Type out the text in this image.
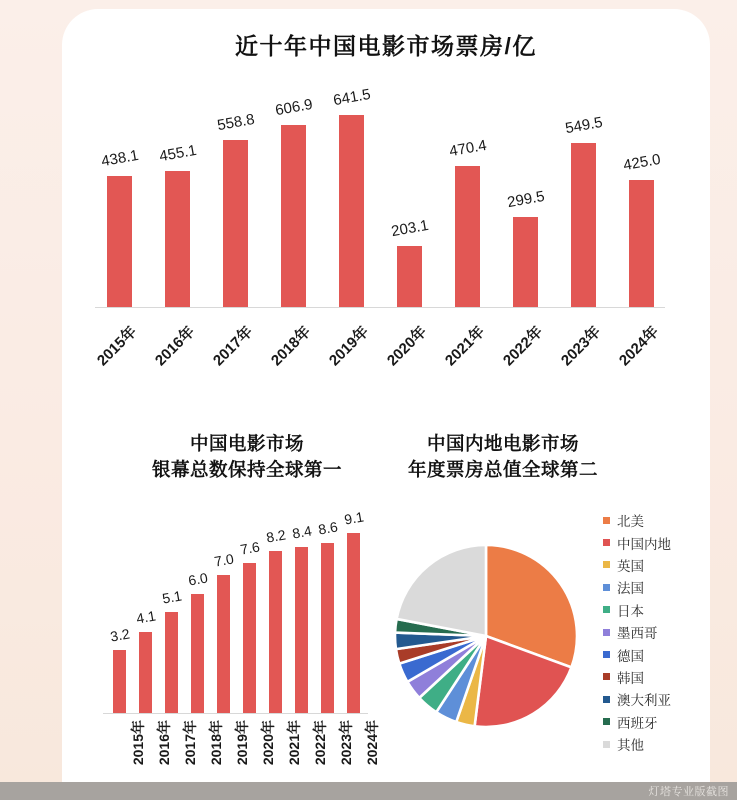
近十年中国电影市场票房/亿
438.1	455.1
558.8
606.9	641.5
203.1
470.4
299.5
549.5
425.0
2015年 2016年 2017年 2018年 2019年 2020年 2021年 2022年 2023年 2024年
中国电影市场
银幕总数保持全球第一
3.2
4.1
5.1
6.0
7.0
7.6
8.2 8.4 8.6
9.1
2015年 2016年 2017年 2018年 2019年 2020年 2021年 2022年 2023年 2024年
中国内地电影市场
年度票房总值全球第二
北美
中国内地
英国
法国
日本
墨西哥
德国
韩国
澳大利亚
西班牙
其他
灯塔专业版截图
